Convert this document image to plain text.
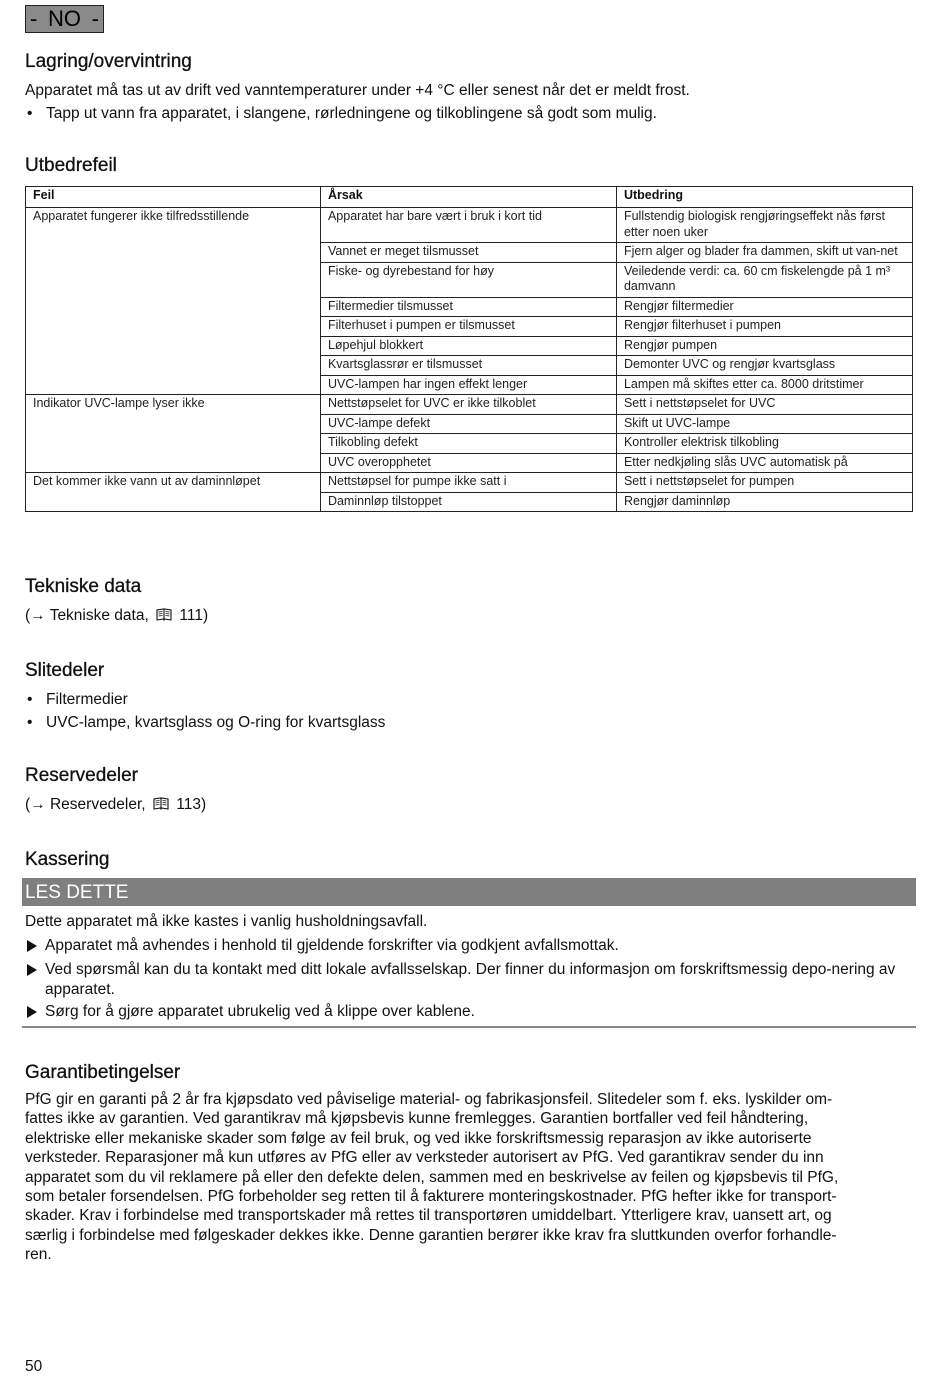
- NO -
Lagring/overvintring

Apparatet må tas ut av drift ved vanntemperaturer under +4 °C eller senest når det er meldt frost.

• Tapp ut vann fra apparatet, i slangene, rørledningene og tilkoblingene så godt som mulig.
Utbedrefeil
Feil	Årsak	Utbedring
Apparatet fungerer ikke tilfredsstillende	Apparatet har bare vært i bruk i kort tid	Fullstendig biologisk rengjøringseffekt nås først etter noen uker
	Vannet er meget tilsmusset	Fjern alger og blader fra dammen, skift ut van-net
	Fiske- og dyrebestand for høy	Veiledende verdi: ca. 60 cm fiskelengde på 1 m³ damvann
	Filtermedier tilsmusset	Rengjør filtermedier
	Filterhuset i pumpen er tilsmusset	Rengjør filterhuset i pumpen
	Løpehjul blokkert	Rengjør pumpen
	Kvartsglassrør er tilsmusset	Demonter UVC og rengjør kvartsglass
	UVC-lampen har ingen effekt lenger	Lampen må skiftes etter ca. 8000 dritstimer
Indikator UVC-lampe lyser ikke	Nettstøpselet for UVC er ikke tilkoblet	Sett i nettstøpselet for UVC
	UVC-lampe defekt	Skift ut UVC-lampe
	Tilkobling defekt	Kontroller elektrisk tilkobling
	UVC overopphetet	Etter nedkjøling slås UVC automatisk på
Det kommer ikke vann ut av daminnløpet	Nettstøpsel for pumpe ikke satt i	Sett i nettstøpselet for pumpen
	Daminnløp tilstoppet	Rengjør daminnløp
Tekniske data

(→ Tekniske data, 111)

Slitedeler
• Filtermedier
• UVC-lampe, kvartsglass og O-ring for kvartsglass
Reservedeler

(→ Reservedeler, 113)

Kassering
LES DETTE

Dette apparatet må ikke kastes i vanlig husholdningsavfall.

Apparatet må avhendes i henhold til gjeldende forskrifter via godkjent avfallsmottak.
Ved spørsmål kan du ta kontakt med ditt lokale avfallsselskap. Der finner du informasjon om forskriftsmessig depo-nering av apparatet.
Sørg for å gjøre apparatet ubrukelig ved å klippe over kablene.
Garantibetingelser
PfG gir en garanti på 2 år fra kjøpsdato ved påviselige material- og fabrikasjonsfeil. Slitedeler som f. eks. lyskilder om-
fattes ikke av garantien. Ved garantikrav må kjøpsbevis kunne fremlegges. Garantien bortfaller ved feil håndtering,
elektriske eller mekaniske skader som følge av feil bruk, og ved ikke forskriftsmessig reparasjon av ikke autoriserte
verksteder. Reparasjoner må kun utføres av PfG eller av verksteder autorisert av PfG. Ved garantikrav sender du inn
apparatet som du vil reklamere på eller den defekte delen, sammen med en beskrivelse av feilen og kjøpsbevis til PfG,
som betaler forsendelsen. PfG forbeholder seg retten til å fakturere monteringskostnader. PfG hefter ikke for transport-
skader. Krav i forbindelse med transportskader må rettes til transportøren umiddelbart. Ytterligere krav, uansett art, og
særlig i forbindelse med følgeskader dekkes ikke. Denne garantien berører ikke krav fra sluttkunden overfor forhandle-
ren.
50
